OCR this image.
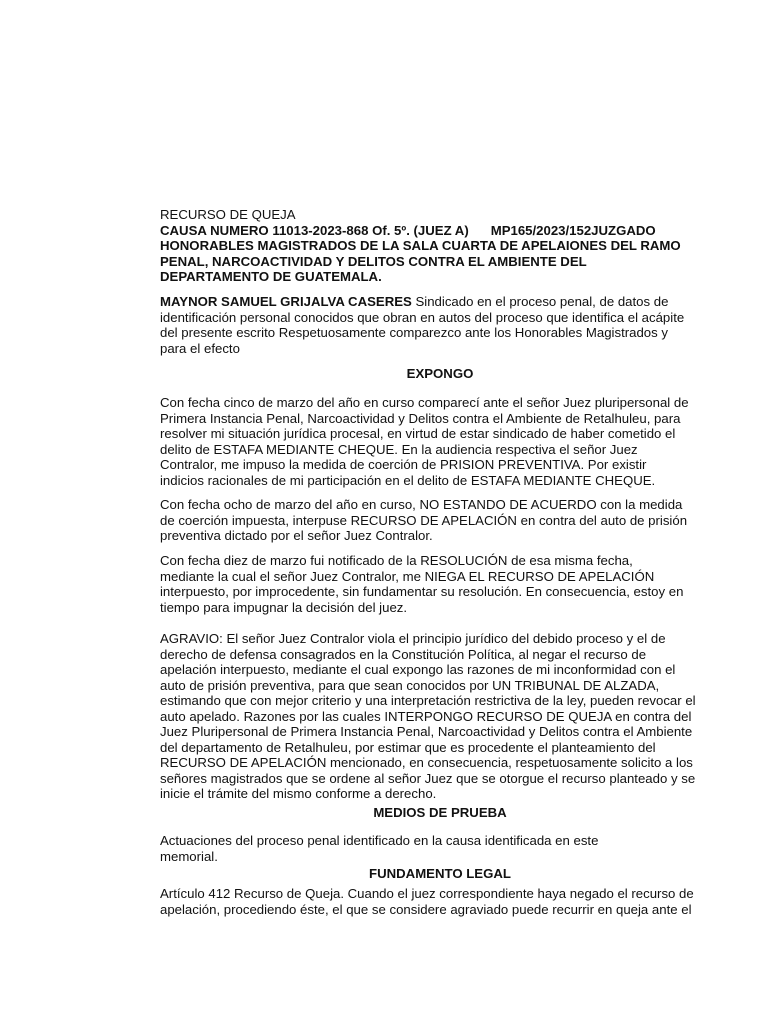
RECURSO DE QUEJA
CAUSA NUMERO 11013-2023-868 Of. 5º. (JUEZ A) MP165/2023/152JUZGADO
HONORABLES MAGISTRADOS DE LA SALA CUARTA DE APELAIONES DEL RAMO
PENAL, NARCOACTIVIDAD Y DELITOS CONTRA EL AMBIENTE DEL
DEPARTAMENTO DE GUATEMALA.
MAYNOR SAMUEL GRIJALVA CASERES Sindicado en el proceso penal, de datos de
identificación personal conocidos que obran en autos del proceso que identifica el acápite
del presente escrito Respetuosamente comparezco ante los Honorables Magistrados y
para el efecto
EXPONGO
Con fecha cinco de marzo del año en curso comparecí ante el señor Juez pluripersonal de
Primera Instancia Penal, Narcoactividad y Delitos contra el Ambiente de Retalhuleu, para
resolver mi situación jurídica procesal, en virtud de estar sindicado de haber cometido el
delito de ESTAFA MEDIANTE CHEQUE. En la audiencia respectiva el señor Juez
Contralor, me impuso la medida de coerción de PRISION PREVENTIVA. Por existir
indicios racionales de mi participación en el delito de ESTAFA MEDIANTE CHEQUE.
Con fecha ocho de marzo del año en curso, NO ESTANDO DE ACUERDO con la medida
de coerción impuesta, interpuse RECURSO DE APELACIÓN en contra del auto de prisión
preventiva dictado por el señor Juez Contralor.
Con fecha diez de marzo fui notificado de la RESOLUCIÓN de esa misma fecha,
mediante la cual el señor Juez Contralor, me NIEGA EL RECURSO DE APELACIÓN
interpuesto, por improcedente, sin fundamentar su resolución. En consecuencia, estoy en
tiempo para impugnar la decisión del juez.
AGRAVIO: El señor Juez Contralor viola el principio jurídico del debido proceso y el de
derecho de defensa consagrados en la Constitución Política, al negar el recurso de
apelación interpuesto, mediante el cual expongo las razones de mi inconformidad con el
auto de prisión preventiva, para que sean conocidos por UN TRIBUNAL DE ALZADA,
estimando que con mejor criterio y una interpretación restrictiva de la ley, pueden revocar el
auto apelado. Razones por las cuales INTERPONGO RECURSO DE QUEJA en contra del
Juez Pluripersonal de Primera Instancia Penal, Narcoactividad y Delitos contra el Ambiente
del departamento de Retalhuleu, por estimar que es procedente el planteamiento del
RECURSO DE APELACIÓN mencionado, en consecuencia, respetuosamente solicito a los
señores magistrados que se ordene al señor Juez que se otorgue el recurso planteado y se
inicie el trámite del mismo conforme a derecho.
MEDIOS DE PRUEBA
Actuaciones del proceso penal identificado en la causa identificada en este
memorial.
FUNDAMENTO LEGAL
Artículo 412 Recurso de Queja. Cuando el juez correspondiente haya negado el recurso de
apelación, procediendo éste, el que se considere agraviado puede recurrir en queja ante el
